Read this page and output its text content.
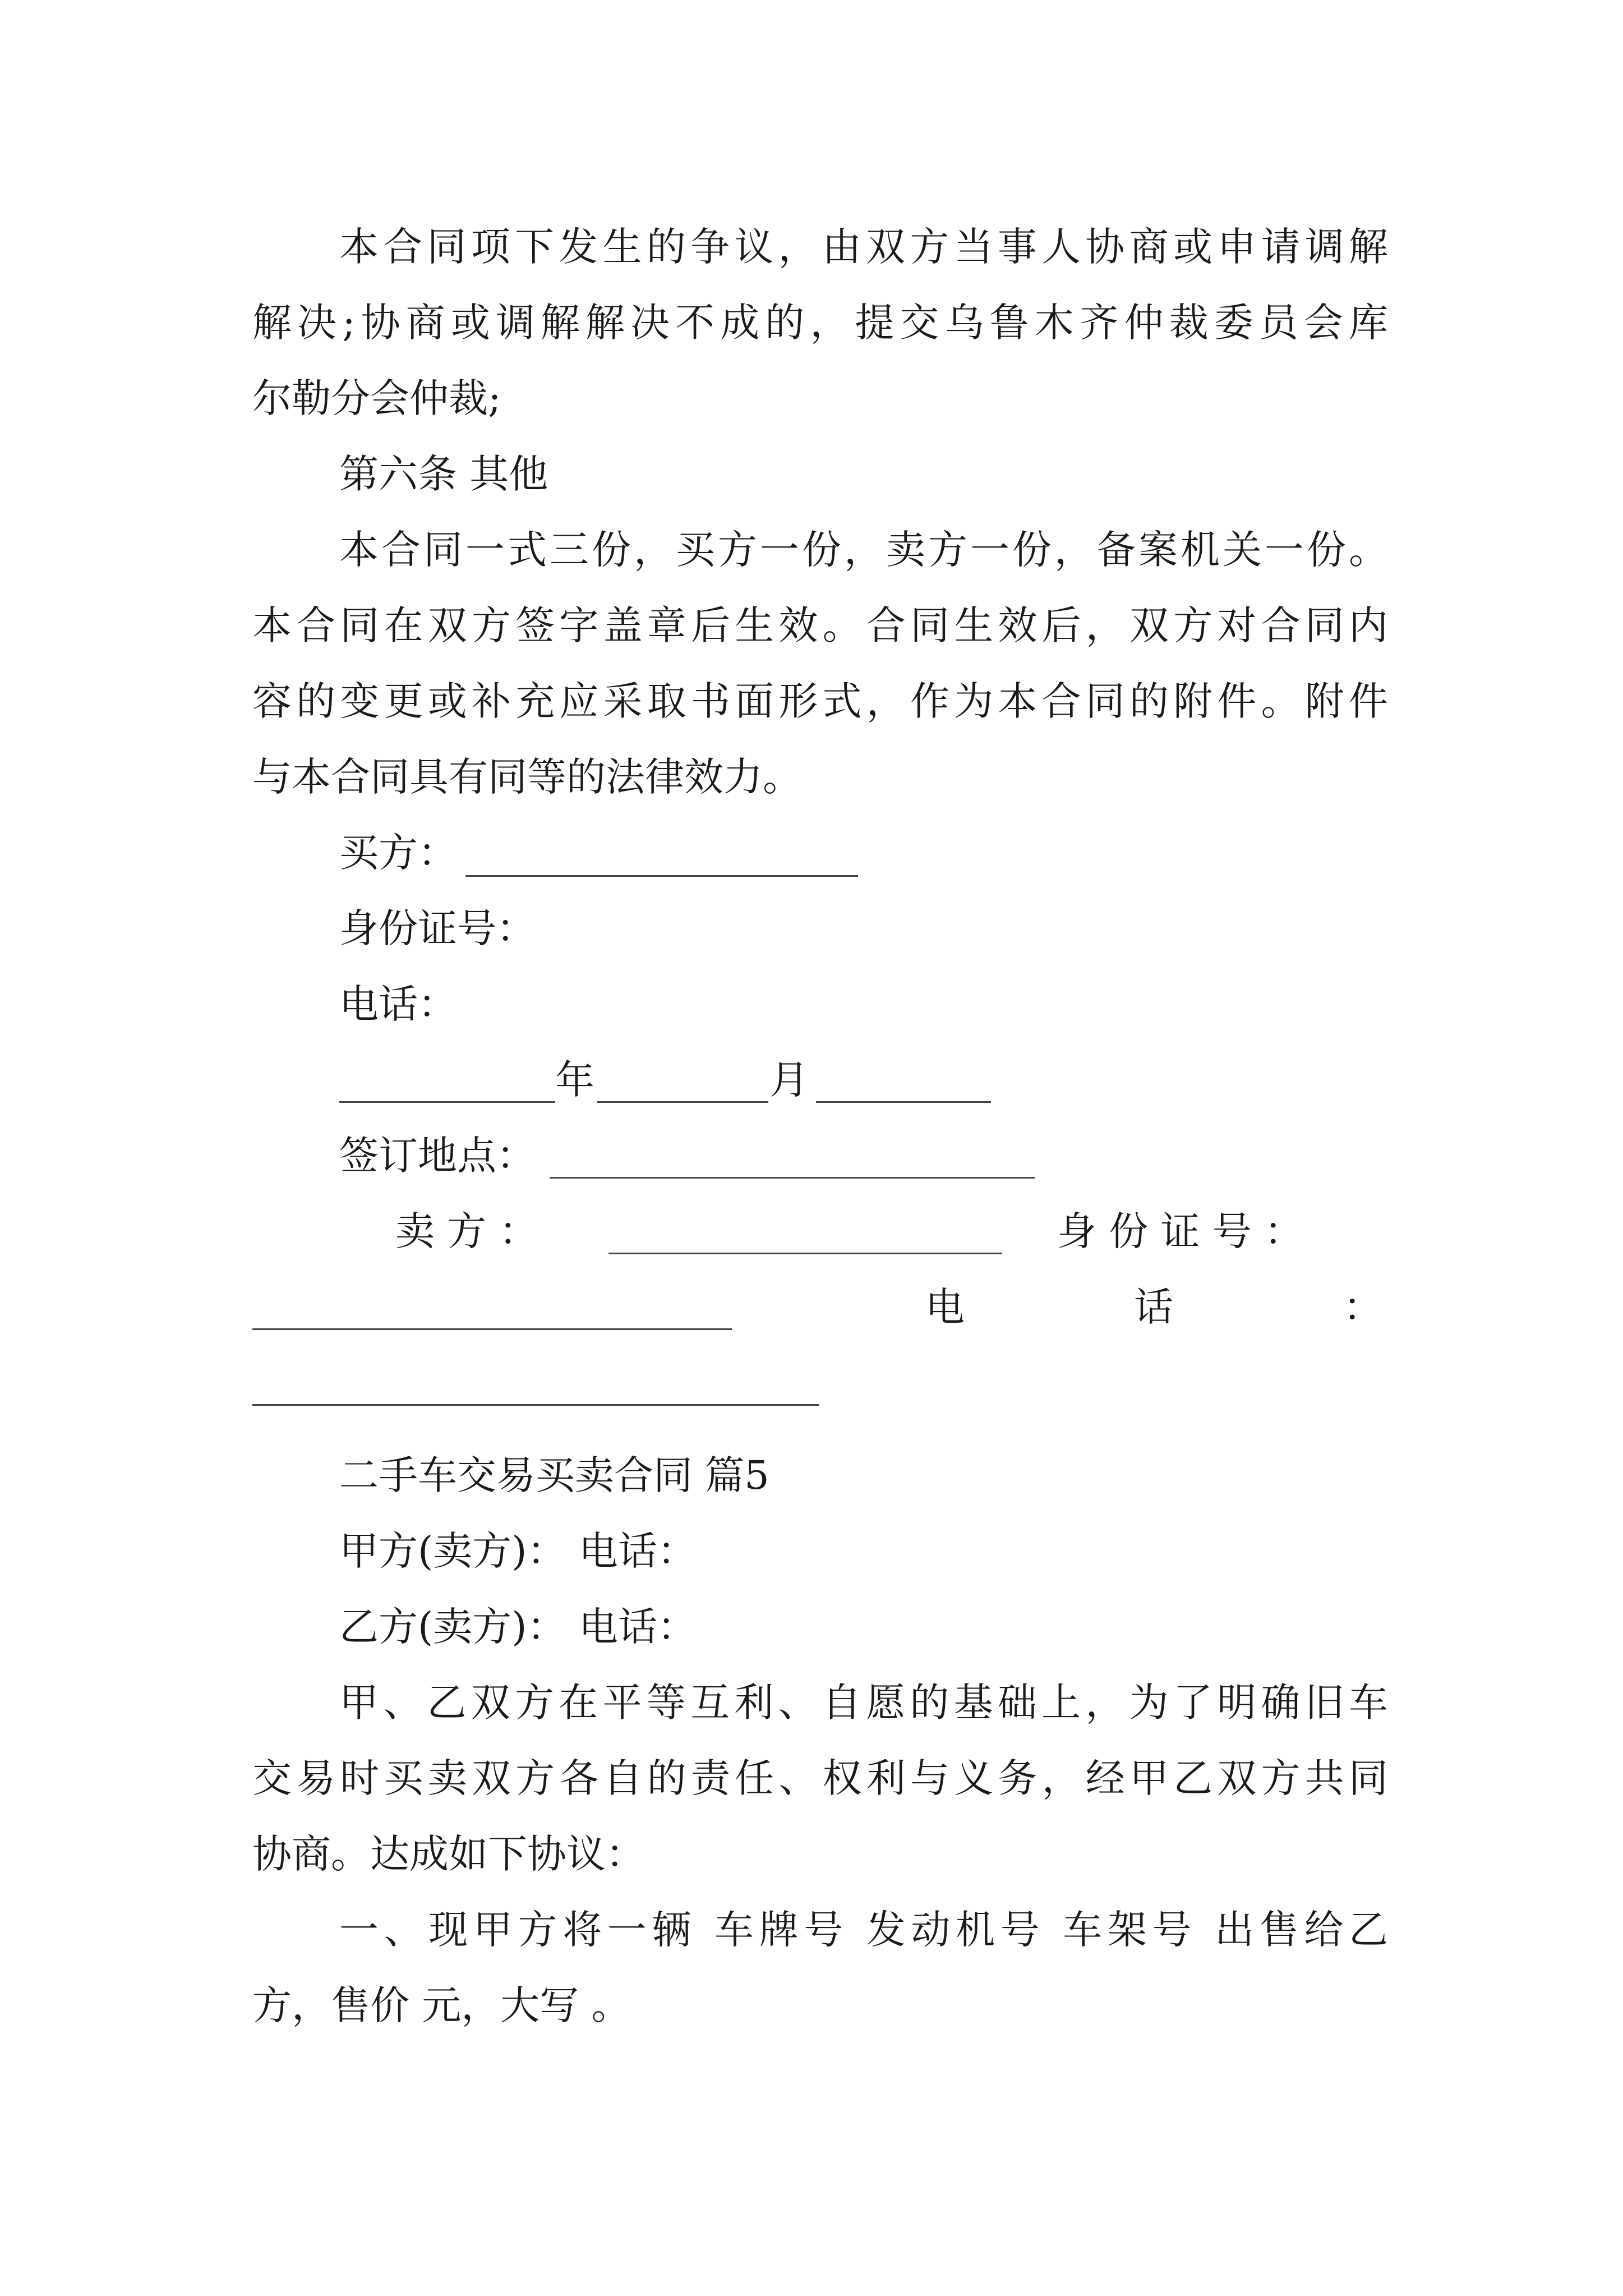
本合同项下发生的争议，由双方当事人协商或申请调解
解决;协商或调解解决不成的，提交乌鲁木齐仲裁委员会库
尔勒分会仲裁;
第六条 其他
本合同一式三份，买方一份，卖方一份，备案机关一份。
本合同在双方签字盖章后生效。合同生效后，双方对合同内
容的变更或补充应采取书面形式，作为本合同的附件。附件
与本合同具有同等的法律效力。
买方：
身份证号：
电话：
年	月
签订地点：
卖 方 ：	身 份 证 号 ：
电	话	：
二手车交易买卖合同 篇5
甲方(卖方)： 电话：
乙方(卖方)： 电话：
甲、乙双方在平等互利、自愿的基础上，为了明确旧车
交易时买卖双方各自的责任、权利与义务，经甲乙双方共同
协商。达成如下协议：
一、现甲方将一辆 车牌号 发动机号 车架号 出售给乙
方，售价 元，大写 。
